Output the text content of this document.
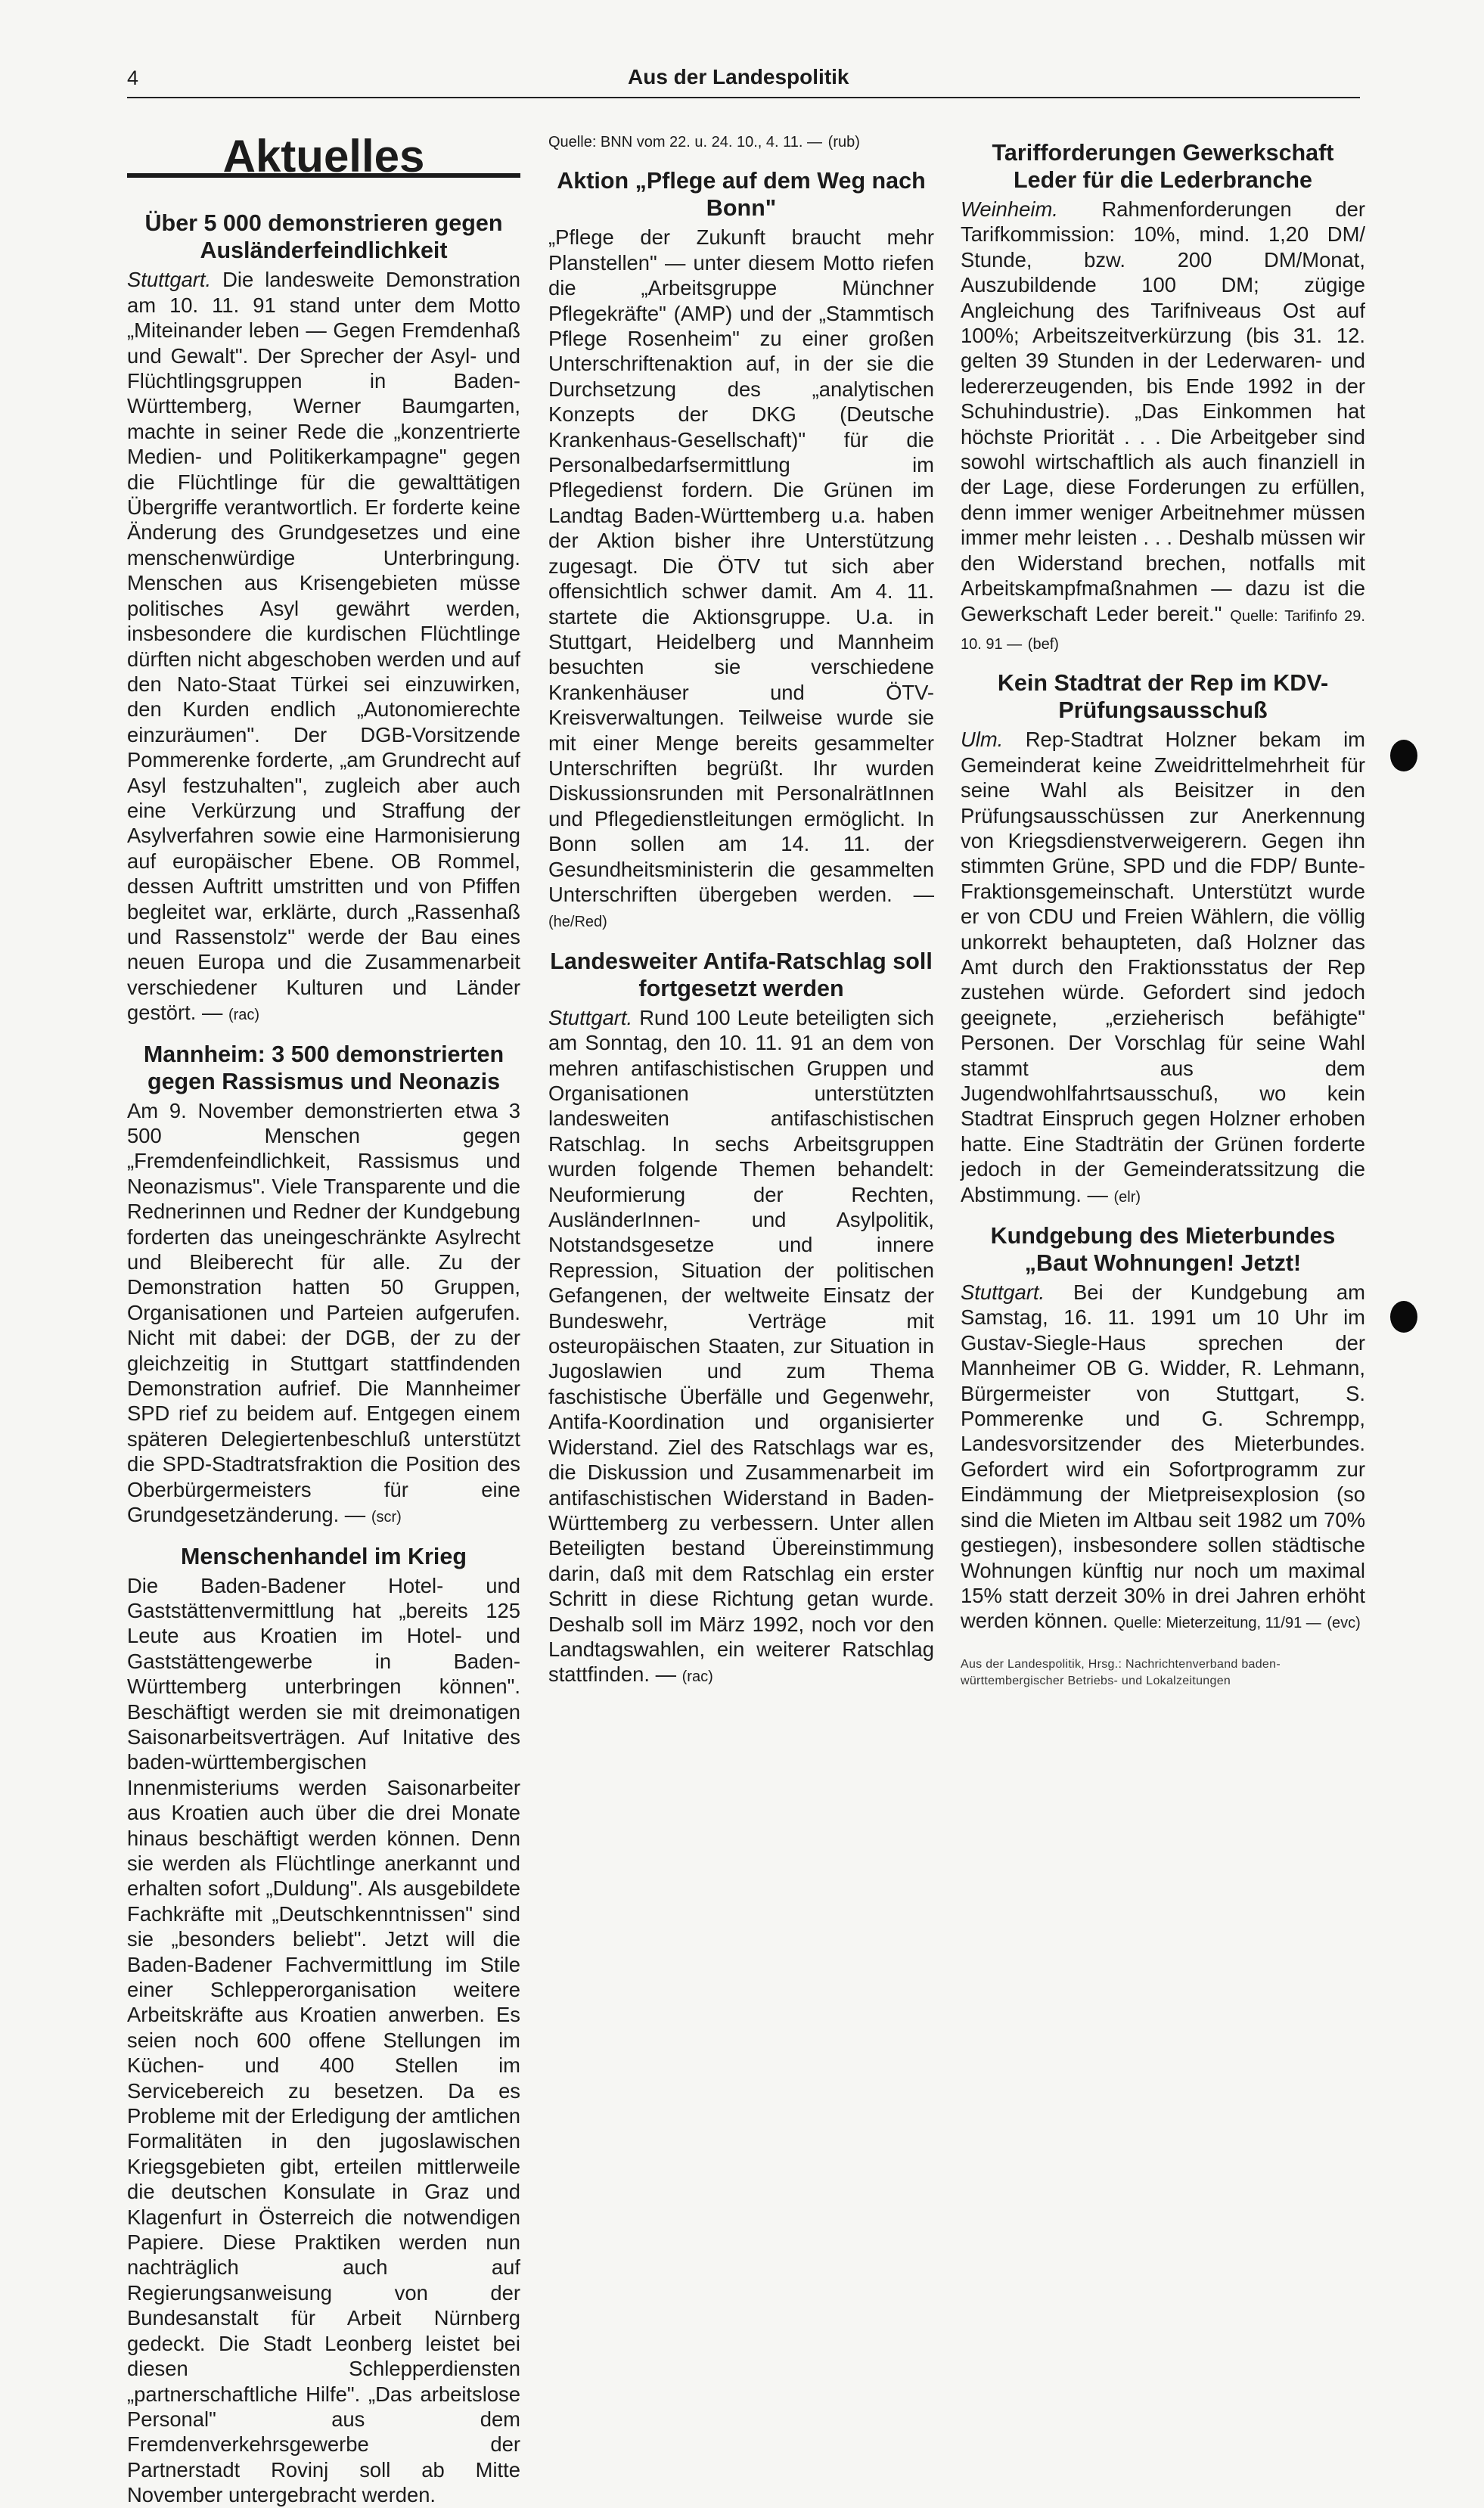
4	Aus der Landespolitik
Aktuelles
Über 5 000 demonstrieren gegen Ausländerfeindlichkeit

Stuttgart. Die landesweite Demonstration am 10. 11. 91 stand unter dem Motto „Miteinander leben — Gegen Fremdenhaß und Gewalt". Der Sprecher der Asyl- und Flüchtlingsgruppen in Baden-Württemberg, Werner Baumgarten, machte in seiner Rede die „konzentrierte Medien- und Politikerkampagne" gegen die Flüchtlinge für die gewalttätigen Übergriffe verantwortlich. Er forderte keine Änderung des Grundgesetzes und eine menschenwürdige Unterbringung. Menschen aus Krisengebieten müsse politisches Asyl gewährt werden, insbesondere die kurdischen Flüchtlinge dürften nicht abgeschoben werden und auf den Nato-Staat Türkei sei einzuwirken, den Kurden endlich „Autonomierechte einzuräumen". Der DGB-Vorsitzende Pommerenke forderte, „am Grundrecht auf Asyl festzuhalten", zugleich aber auch eine Verkürzung und Straffung der Asylverfahren sowie eine Harmonisierung auf europäischer Ebene. OB Rommel, dessen Auftritt umstritten und von Pfiffen begleitet war, erklärte, durch „Rassenhaß und Rassenstolz" werde der Bau eines neuen Europa und die Zusammenarbeit verschiedener Kulturen und Länder gestört. — (rac)

Mannheim: 3 500 demonstrierten gegen Rassismus und Neonazis

Am 9. November demonstrierten etwa 3 500 Menschen gegen „Fremdenfeindlichkeit, Rassismus und Neonazismus". Viele Transparente und die Rednerinnen und Redner der Kundgebung forderten das uneingeschränkte Asylrecht und Bleiberecht für alle. Zu der Demonstration hatten 50 Gruppen, Organisationen und Parteien aufgerufen. Nicht mit dabei: der DGB, der zu der gleichzeitig in Stuttgart stattfindenden Demonstration aufrief. Die Mannheimer SPD rief zu beidem auf. Entgegen einem späteren Delegiertenbeschluß unterstützt die SPD-Stadtratsfraktion die Position des Oberbürgermeisters für eine Grundgesetzänderung. — (scr)

Menschenhandel im Krieg

Die Baden-Badener Hotel- und Gaststättenvermittlung hat „bereits 125 Leute aus Kroatien im Hotel- und Gaststättengewerbe in Baden-Württemberg unterbringen können". Beschäftigt werden sie mit dreimonatigen Saisonarbeitsverträgen. Auf Initative des baden-württembergischen Innenmisteriums werden Saisonarbeiter aus Kroatien auch über die drei Monate hinaus beschäftigt werden können. Denn sie werden als Flüchtlinge anerkannt und erhalten sofort „Duldung". Als ausgebildete Fachkräfte mit „Deutschkenntnissen" sind sie „besonders beliebt". Jetzt will die Baden-Badener Fachvermittlung im Stile einer Schlepperorganisation weitere Arbeitskräfte aus Kroatien anwerben. Es seien noch 600 offene Stellungen im Küchen- und 400 Stellen im Servicebereich zu besetzen. Da es Probleme mit der Erledigung der amtlichen Formalitäten in den jugoslawischen Kriegsgebieten gibt, erteilen mittlerweile die deutschen Konsulate in Graz und Klagenfurt in Österreich die notwendigen Papiere. Diese Praktiken werden nun nachträglich auch auf Regierungsanweisung von der Bundesanstalt für Arbeit Nürnberg gedeckt. Die Stadt Leonberg leistet bei diesen Schlepperdiensten „partnerschaftliche Hilfe". „Das arbeitslose Personal" aus dem Fremdenverkehrsgewerbe der Partnerstadt Rovinj soll ab Mitte November untergebracht werden.

Quelle: BNN vom 22. u. 24. 10., 4. 11. — (rub)

Aktion „Pflege auf dem Weg nach Bonn"

„Pflege der Zukunft braucht mehr Planstellen" — unter diesem Motto riefen die „Arbeitsgruppe Münchner Pflegekräfte" (AMP) und der „Stammtisch Pflege Rosenheim" zu einer großen Unterschriftenaktion auf, in der sie die Durchsetzung des „analytischen Konzepts der DKG (Deutsche Krankenhaus-Gesellschaft)" für die Personalbedarfsermittlung im Pflegedienst fordern. Die Grünen im Landtag Baden-Württemberg u.a. haben der Aktion bisher ihre Unterstützung zugesagt. Die ÖTV tut sich aber offensichtlich schwer damit. Am 4. 11. startete die Aktionsgruppe. U.a. in Stuttgart, Heidelberg und Mannheim besuchten sie verschiedene Krankenhäuser und ÖTV-Kreisverwaltungen. Teilweise wurde sie mit einer Menge bereits gesammelter Unterschriften begrüßt. Ihr wurden Diskussionsrunden mit PersonalrätInnen und Pflegedienstleitungen ermöglicht. In Bonn sollen am 14. 11. der Gesundheitsministerin die gesammelten Unterschriften übergeben werden. — (he/Red)

Landesweiter Antifa-Ratschlag soll fortgesetzt werden

Stuttgart. Rund 100 Leute beteiligten sich am Sonntag, den 10. 11. 91 an dem von mehren antifaschistischen Gruppen und Organisationen unterstützten landesweiten antifaschistischen Ratschlag. In sechs Arbeitsgruppen wurden folgende Themen behandelt: Neuformierung der Rechten, AusländerInnen- und Asylpolitik, Notstandsgesetze und innere Repression, Situation der politischen Gefangenen, der weltweite Einsatz der Bundeswehr, Verträge mit osteuropäischen Staaten, zur Situation in Jugoslawien und zum Thema faschistische Überfälle und Gegenwehr, Antifa-Koordination und organisierter Widerstand. Ziel des Ratschlags war es, die Diskussion und Zusammenarbeit im antifaschistischen Widerstand in Baden-Württemberg zu verbessern. Unter allen Beteiligten bestand Übereinstimmung darin, daß mit dem Ratschlag ein erster Schritt in diese Richtung getan wurde. Deshalb soll im März 1992, noch vor den Landtagswahlen, ein weiterer Ratschlag stattfinden. — (rac)

Tarifforderungen Gewerkschaft Leder für die Lederbranche

Weinheim. Rahmenforderungen der Tarifkommission: 10%, mind. 1,20 DM/ Stunde, bzw. 200 DM/Monat, Auszubildende 100 DM; zügige Angleichung des Tarifniveaus Ost auf 100%; Arbeitszeitverkürzung (bis 31. 12. gelten 39 Stunden in der Lederwaren- und ledererzeugenden, bis Ende 1992 in der Schuhindustrie). „Das Einkommen hat höchste Priorität . . . Die Arbeitgeber sind sowohl wirtschaftlich als auch finanziell in der Lage, diese Forderungen zu erfüllen, denn immer weniger Arbeitnehmer müssen immer mehr leisten . . . Deshalb müssen wir den Widerstand brechen, notfalls mit Arbeitskampfmaßnahmen — dazu ist die Gewerkschaft Leder bereit." Quelle: Tarifinfo 29. 10. 91 — (bef)

Kein Stadtrat der Rep im KDV-Prüfungsausschuß

Ulm. Rep-Stadtrat Holzner bekam im Gemeinderat keine Zweidrittelmehrheit für seine Wahl als Beisitzer in den Prüfungsausschüssen zur Anerkennung von Kriegsdienstverweigerern. Gegen ihn stimmten Grüne, SPD und die FDP/ Bunte-Fraktionsgemeinschaft. Unterstützt wurde er von CDU und Freien Wählern, die völlig unkorrekt behaupteten, daß Holzner das Amt durch den Fraktionsstatus der Rep zustehen würde. Gefordert sind jedoch geeignete, „erzieherisch befähigte" Personen. Der Vorschlag für seine Wahl stammt aus dem Jugendwohlfahrtsausschuß, wo kein Stadtrat Einspruch gegen Holzner erhoben hatte. Eine Stadträtin der Grünen forderte jedoch in der Gemeinderatssitzung die Abstimmung. — (elr)

Kundgebung des Mieterbundes „Baut Wohnungen! Jetzt!

Stuttgart. Bei der Kundgebung am Samstag, 16. 11. 1991 um 10 Uhr im Gustav-Siegle-Haus sprechen der Mannheimer OB G. Widder, R. Lehmann, Bürgermeister von Stuttgart, S. Pommerenke und G. Schrempp, Landesvorsitzender des Mieterbundes. Gefordert wird ein Sofortprogramm zur Eindämmung der Mietpreisexplosion (so sind die Mieten im Altbau seit 1982 um 70% gestiegen), insbesondere sollen städtische Wohnungen künftig nur noch um maximal 15% statt derzeit 30% in drei Jahren erhöht werden können. Quelle: Mieterzeitung, 11/91 — (evc)

Aus der Landespolitik, Hrsg.: Nachrichtenverband baden-württembergischer Betriebs- und Lokalzeitungen
